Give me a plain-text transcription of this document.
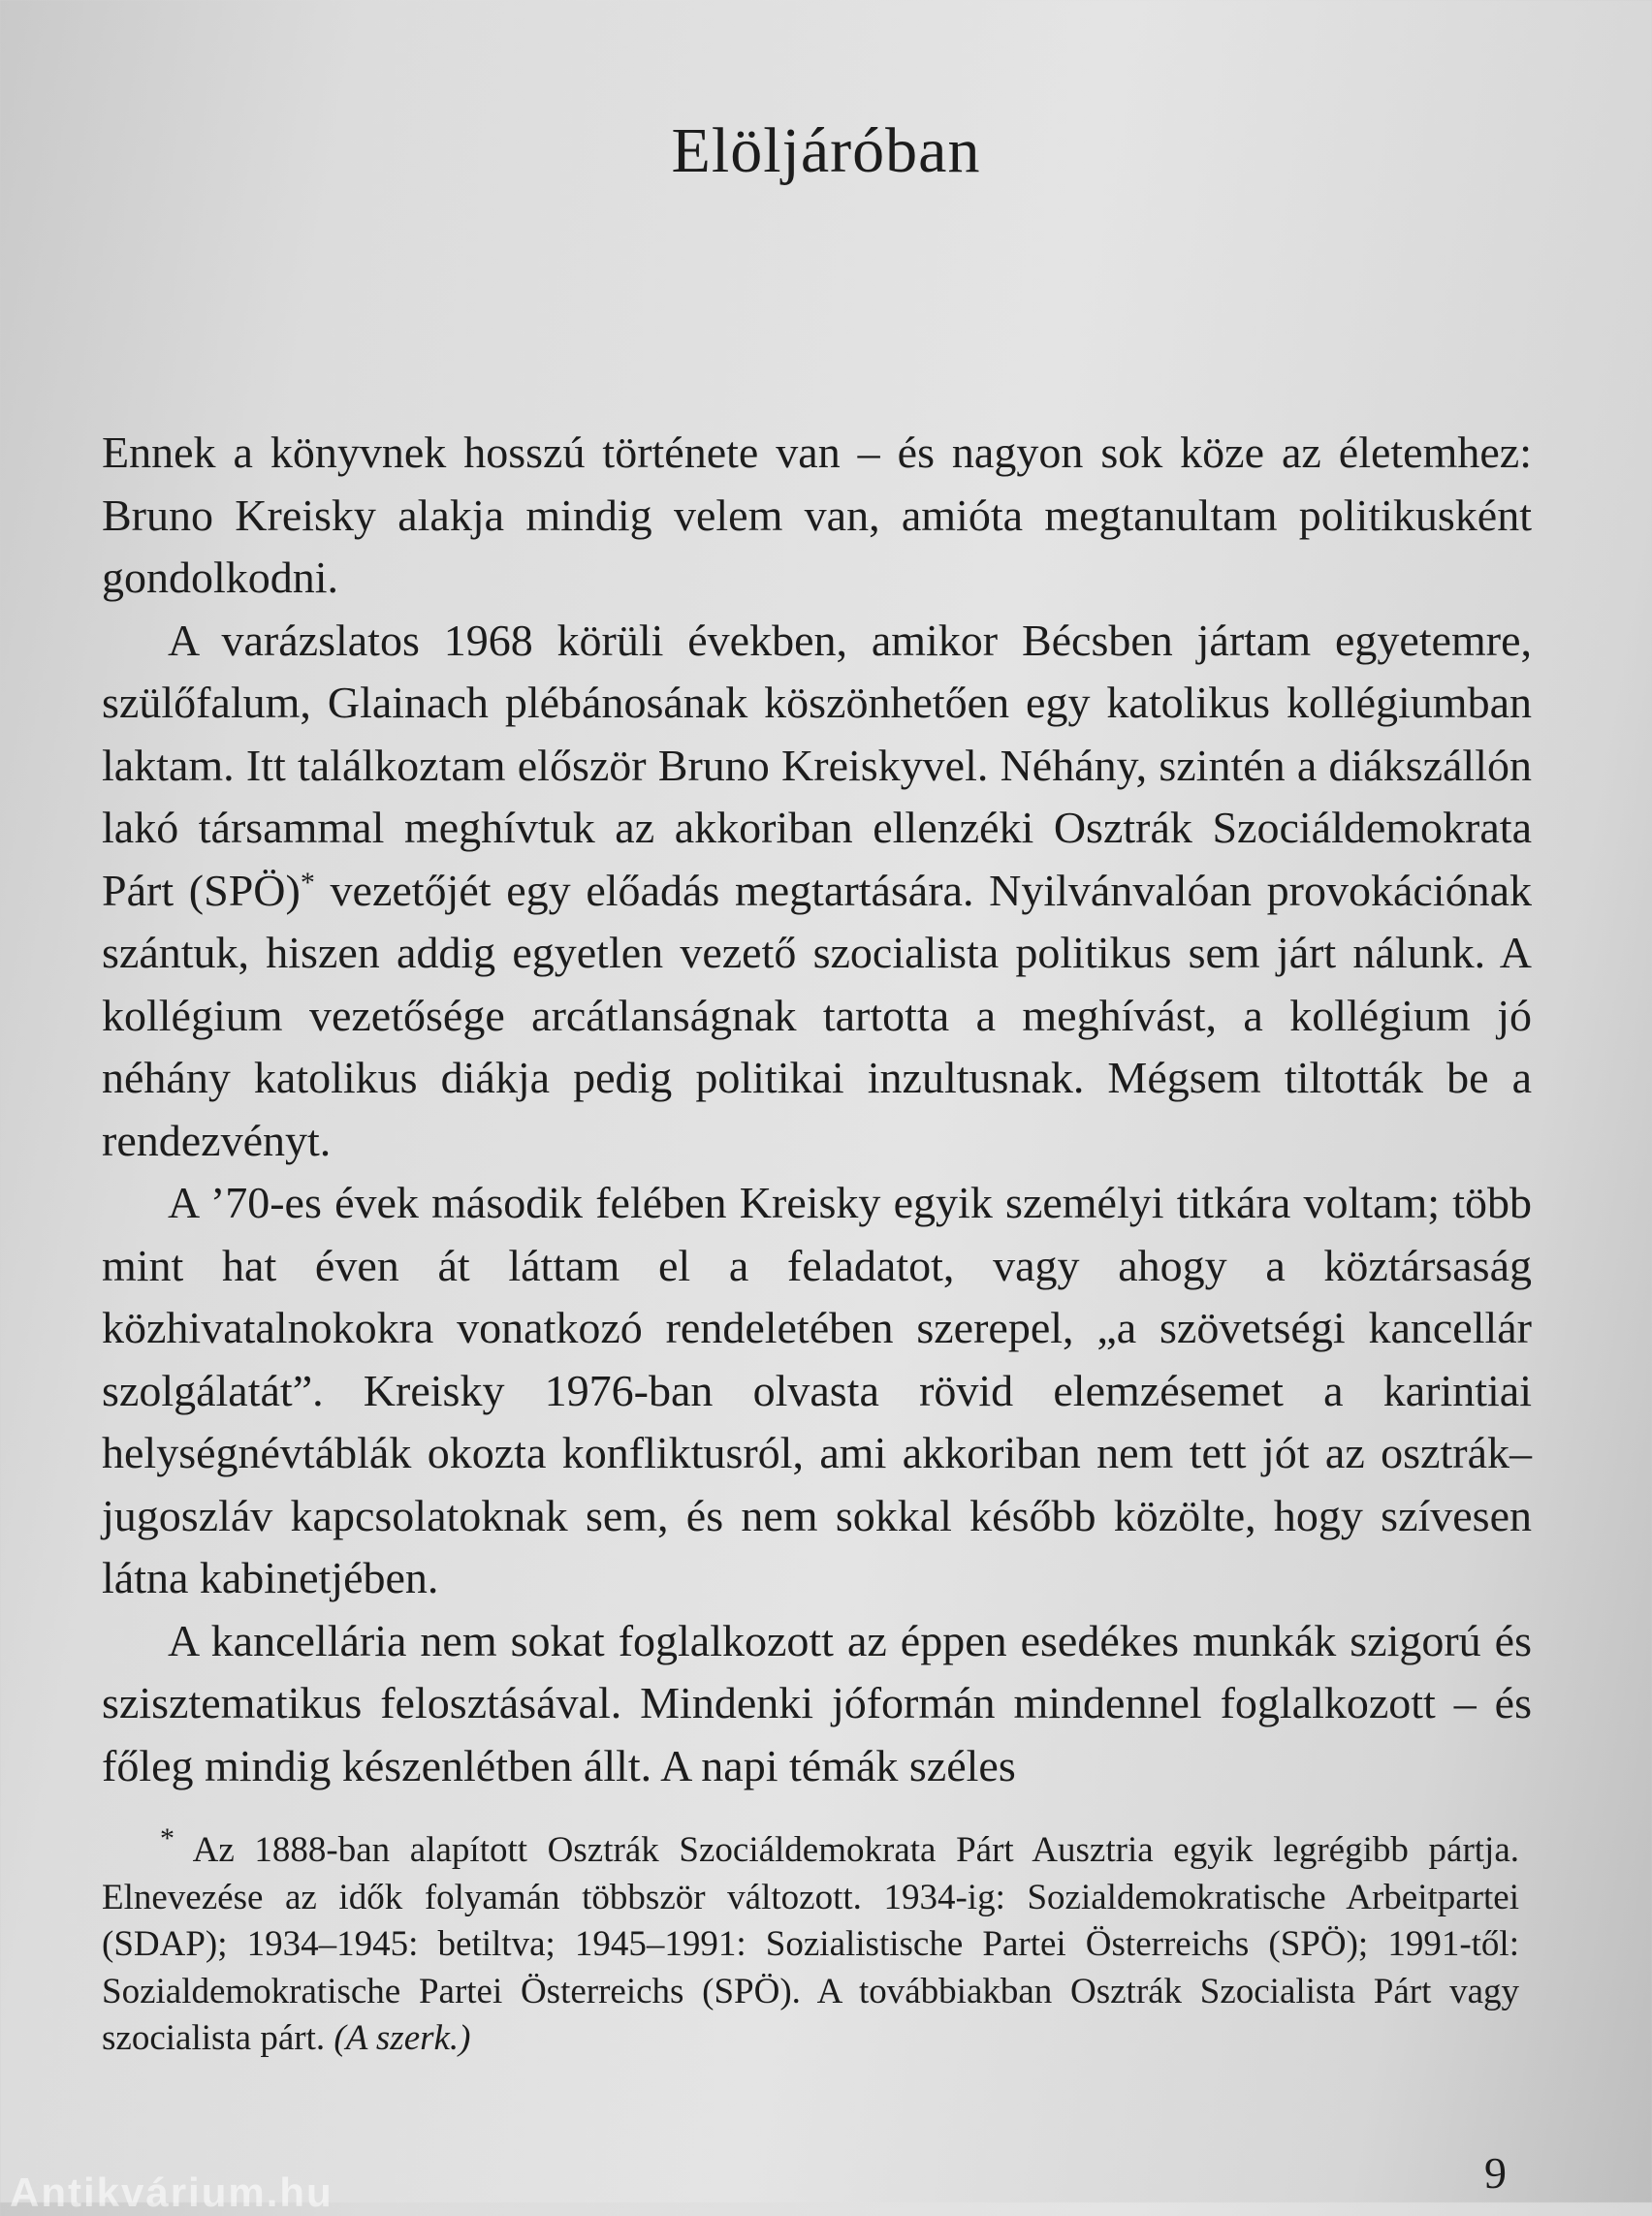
Elöljáróban

Ennek a könyvnek hosszú története van – és nagyon sok köze az életemhez: Bruno Kreisky alakja mindig velem van, amióta megtanultam politikusként gondolkodni.

A varázslatos 1968 körüli években, amikor Bécsben jártam egyetemre, szülőfalum, Glainach plébánosának köszönhetően egy katolikus kollégiumban laktam. Itt találkoztam először Bruno Kreiskyvel. Néhány, szintén a diákszállón lakó társammal meghívtuk az akkoriban ellenzéki Osztrák Szociáldemokrata Párt (SPÖ)* vezetőjét egy előadás megtartására. Nyilvánvalóan provokációnak szántuk, hiszen addig egyetlen vezető szocialista politikus sem járt nálunk. A kollégium vezetősége arcátlanságnak tartotta a meghívást, a kollégium jó néhány katolikus diákja pedig politikai inzultusnak. Mégsem tiltották be a rendezvényt.

A ’70-es évek második felében Kreisky egyik személyi titkára voltam; több mint hat éven át láttam el a feladatot, vagy ahogy a köztársaság közhivatalnokokra vonatkozó rendeletében szerepel, „a szövetségi kancellár szolgálatát”. Kreisky 1976-ban olvasta rövid elemzésemet a karintiai helységnévtáblák okozta konfliktusról, ami akkoriban nem tett jót az osztrák–jugoszláv kapcsolatoknak sem, és nem sokkal később közölte, hogy szívesen látna kabinetjében.

A kancellária nem sokat foglalkozott az éppen esedékes munkák szigorú és szisztematikus felosztásával. Mindenki jóformán mindennel foglalkozott – és főleg mindig készenlétben állt. A napi témák széles

* Az 1888-ban alapított Osztrák Szociáldemokrata Párt Ausztria egyik legrégibb pártja. Elnevezése az idők folyamán többször változott. 1934-ig: Sozialdemokratische Arbeitpartei (SDAP); 1934–1945: betiltva; 1945–1991: Sozialistische Partei Österreichs (SPÖ); 1991-től: Sozialdemokratische Partei Österreichs (SPÖ). A továbbiakban Osztrák Szocialista Párt vagy szocialista párt. (A szerk.)

9
Antikvárium.hu
